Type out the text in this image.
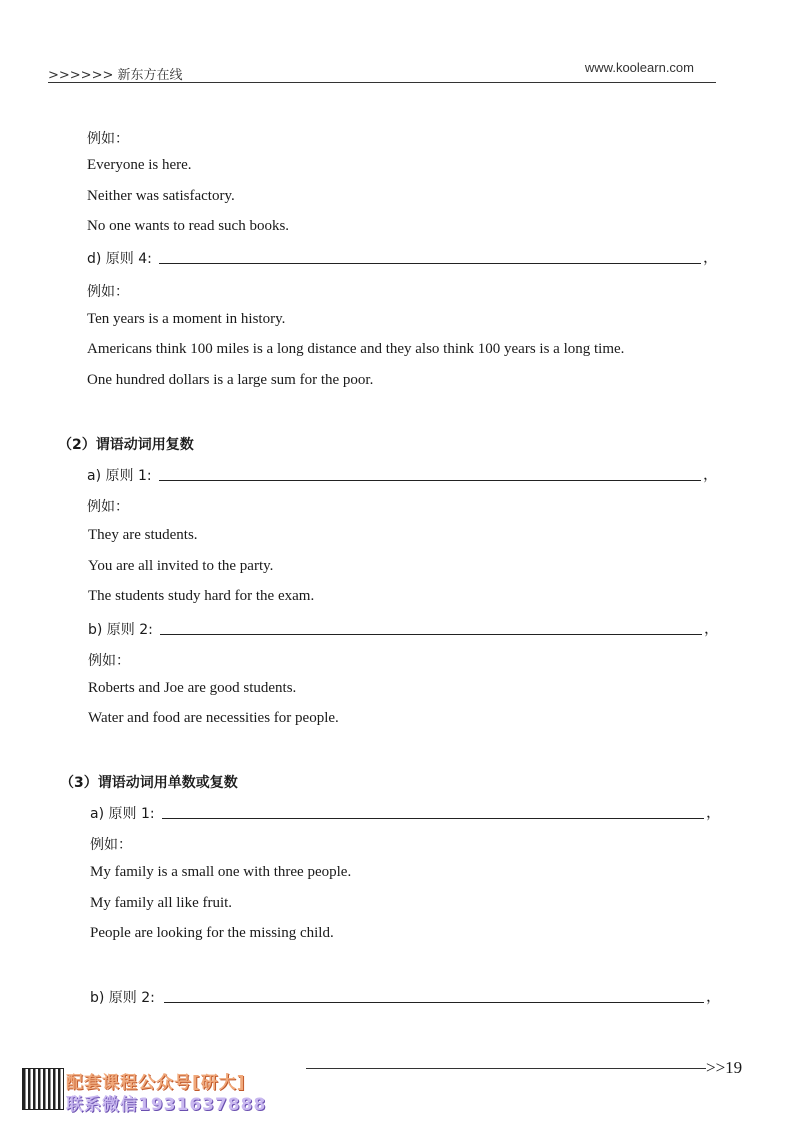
>>>>>> 新东方在线
www.koolearn.com
例如：
Everyone is here.
Neither was satisfactory.
No one wants to read such books.
d) 原则 4:	，
例如：
Ten years is a moment in history.
Americans think 100 miles is a long distance and they also think 100 years is a long time.
One hundred dollars is a large sum for the poor.
（2）谓语动词用复数
a) 原则 1:	，
例如：
They are students.
You are all invited to the party.
The students study hard for the exam.
b) 原则 2:	，
例如：
Roberts and Joe are good students.
Water and food are necessities for people.
（3）谓语动词用单数或复数
a) 原则 1:	，
例如：
My family is a small one with three people.
My family all like fruit.
People are looking for the missing child.
b) 原则 2:	，
配套课程公众号[研大]
联系微信1931637888
>>19
